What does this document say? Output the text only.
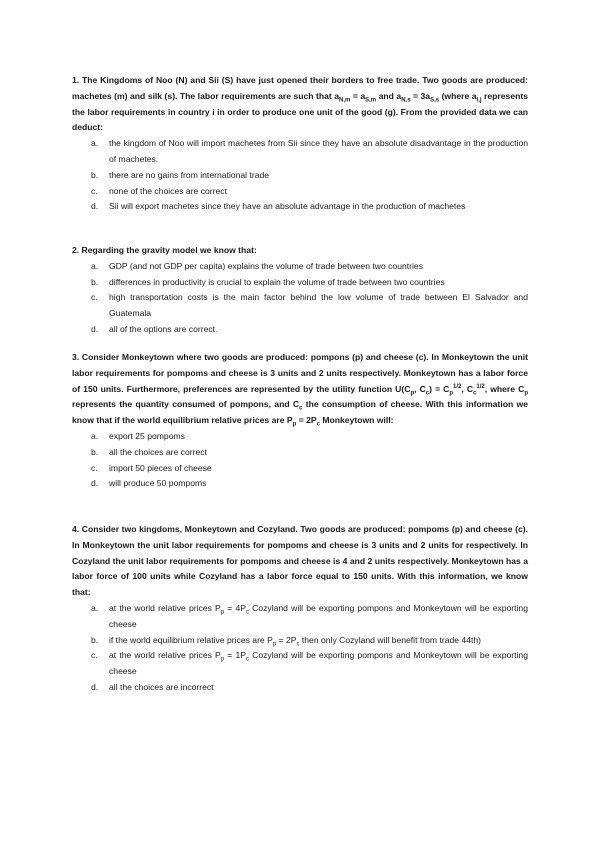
1. The Kingdoms of Noo (N) and Sii (S) have just opened their borders to free trade. Two goods are produced: machetes (m) and silk (s). The labor requirements are such that $a_{N,m} = a_{S,m}$ and $a_{N,s} = 3a_{S,s}$ (where $a_{i,j}$ represents the labor requirements in country i in order to produce one unit of the good (g). From the provided data we can deduct:
a. the kingdom of Noo will import machetes from Sii since they have an absolute disadvantage in the production of machetes.
b. there are no gains from international trade
c. none of the choices are correct
d. Sii will export machetes since they have an absolute advantage in the production of machetes
2. Regarding the gravity model we know that:
a. GDP (and not GDP per capita) explains the volume of trade between two countries
b. differences in productivity is crucial to explain the volume of trade between two countries
c. high transportation costs is the main factor behind the low volume of trade between El Salvador and Guatemala
d. all of the options are correct.
3. Consider Monkeytown where two goods are produced: pompons (p) and cheese (c). In Monkeytown the unit labor requirements for pompoms and cheese is 3 units and 2 units respectively. Monkeytown has a labor force of 150 units. Furthermore, preferences are represented by the utility function $U(C_p$, $C_c) = C_p^{1/2}$, $C_c^{1/2}$, where $C_p$ represents the quantity consumed of pompons, and $C_c$ the consumption of cheese. With this information we know that if the world equilibrium relative prices are $P_p = 2P_c$ Monkeytown will:
a. export 25 pompoms
b. all the choices are correct
c. import 50 pieces of cheese
d. will produce 50 pompoms
4. Consider two kingdoms, Monkeytown and Cozyland. Two goods are produced: pompoms (p) and cheese (c). In Monkeytown the unit labor requirements for pompoms and cheese is 3 units and 2 units for respectively. In Cozyland the unit labor requirements for pompoms and cheese is 4 and 2 units respectively. Monkeytown has a labor force of 100 units while Cozyland has a labor force equal to 150 units. With this information, we know that:
a. at the world relative prices $P_p = 4P_c$ Cozyland will be exporting pompons and Monkeytown will be exporting cheese
b. if the world equilibrium relative prices are $P_p = 2P_c$ then only Cozyland will benefit from trade 44th)
c. at the world relative prices $P_p = 1P_c$ Cozyland will be exporting pompons and Monkeytown will be exporting cheese
d. all the choices are incorrect
